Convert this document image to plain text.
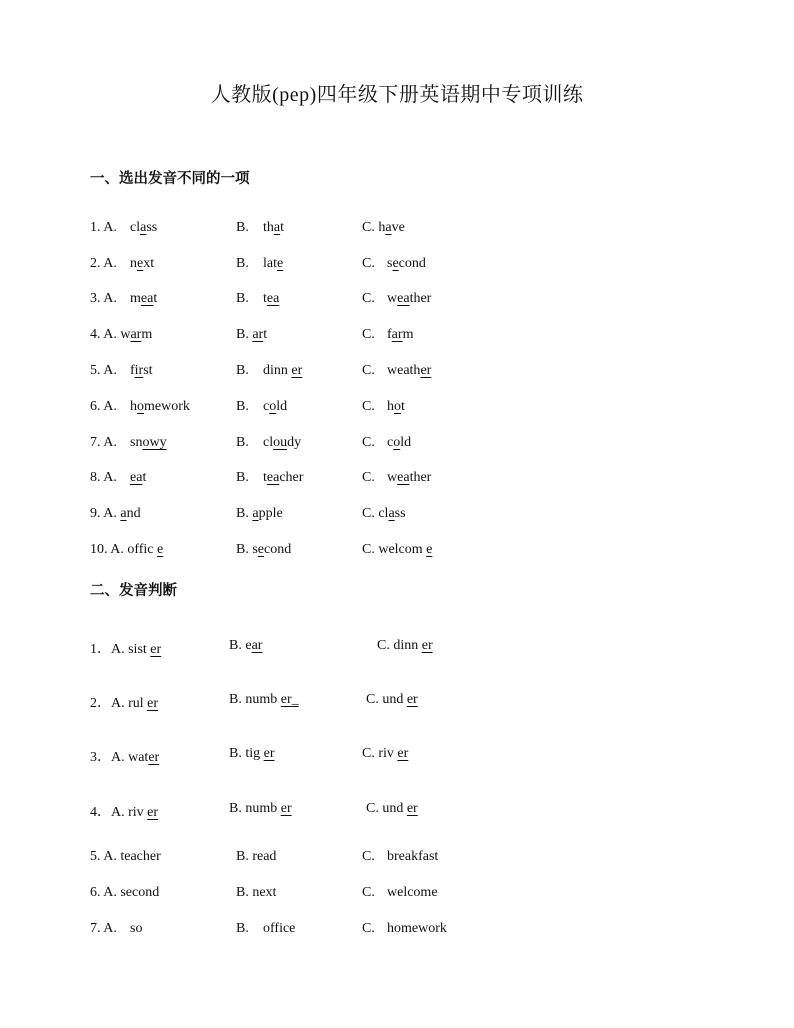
人教版(pep)四年级下册英语期中专项训练
一、选出发音不同的一项
1. A. class	B. that	C. have
2. A. next	B. late	C. second
3. A. meat	B. tea	C. weather
4. A. warm	B. art	C. farm
5. A. first	B. dinn er	C. weather
6. A. homework	B. cold	C. hot
7. A. snowy	B. cloudy	C. cold
8. A. eat	B. teacher	C. weather
9. A. and	B. apple	C. class
10. A. offic e	B. second	C. welcom e
二、发音判断
1．A. sist er	B. ear	C. dinn er
2．A. rul er	B. numb er_	C. und er
3．A. water	B. tig er	C. riv er
4．A. riv er	B. numb er	C. und er
5. A. teacher	B. read	C. breakfast
6. A. second	B. next	C. welcome
7. A. so	B. office	C. homework
